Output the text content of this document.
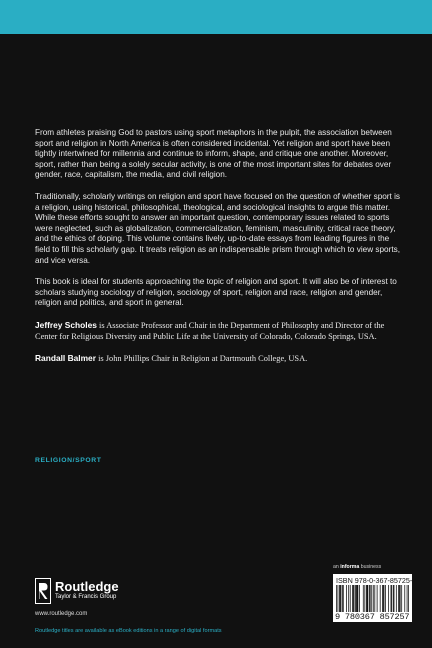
From athletes praising God to pastors using sport metaphors in the pulpit, the association between sport and religion in North America is often considered incidental. Yet religion and sport have been tightly intertwined for millennia and continue to inform, shape, and critique one another. Moreover, sport, rather than being a solely secular activity, is one of the most important sites for debates over gender, race, capitalism, the media, and civil religion.

Traditionally, scholarly writings on religion and sport have focused on the question of whether sport is a religion, using historical, philosophical, theological, and sociological insights to argue this matter. While these efforts sought to answer an important question, contemporary issues related to sports were neglected, such as globalization, commercialization, feminism, masculinity, critical race theory, and the ethics of doping. This volume contains lively, up-to-date essays from leading figures in the field to fill this scholarly gap. It treats religion as an indispensable prism through which to view sports, and vice versa.

This book is ideal for students approaching the topic of religion and sport. It will also be of interest to scholars studying sociology of religion, sociology of sport, religion and race, religion and gender, religion and politics, and sport in general.

Jeffrey Scholes is Associate Professor and Chair in the Department of Philosophy and Director of the Center for Religious Diversity and Public Life at the University of Colorado, Colorado Springs, USA.

Randall Balmer is John Phillips Chair in Religion at Dartmouth College, USA.

RELIGION/SPORT
Routledge
Taylor & Francis Group
www.routledge.com
Routledge titles are available as eBook editions in a range of digital formats
an informa business
ISBN 978-0-367-85725-7
9 780367 857257
